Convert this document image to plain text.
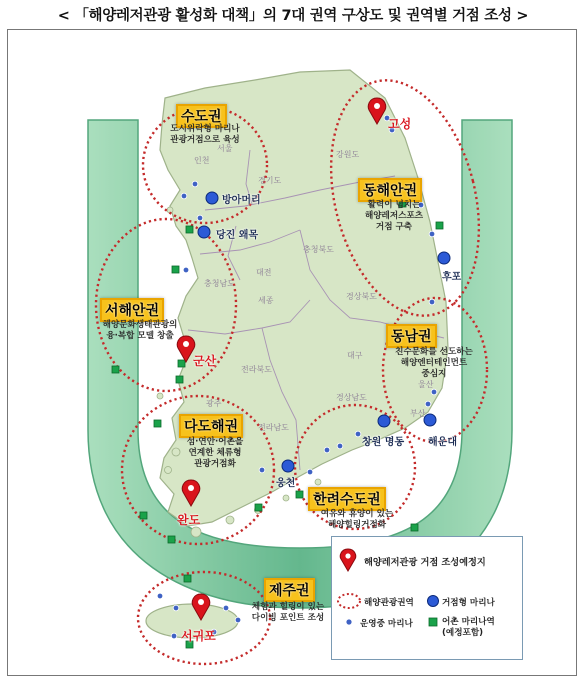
< 「해양레저관광 활성화 대책」의 7대 권역 구상도 및 권역별 거점 조성 >
서울
인천
경기도
강원도
충청북도
충청남도
대전
세종	경상북도
대구
전라북도
광주
전라남도
경상남도
울산
부산
수도권
도시위락형 마리나
관광거점으로 육성
동해안권
활력이 넘치는
해양레저스포츠
거점 구축
서해안권
해양문화생태관광의
융·복합 모델 창출	동남권
친수문화를 선도하는
해양엔터테인먼트
중심지
다도해권
섬·연안·어촌을
연계한 체류형
관광거점화
한려수도권
여유와 휴양이 있는
해양힐링거점화
제주권
체험과 힐링이 있는
다이빙 포인트 조성
고성
군산
완도
서귀포
방아머리
당진 왜목
후포
창원 명동 해운대
웅천
해양레저관광 거점 조성예정지
해양관광권역	거점형 마리나
운영중 마리나	어촌 마리나역
(예정포함)
